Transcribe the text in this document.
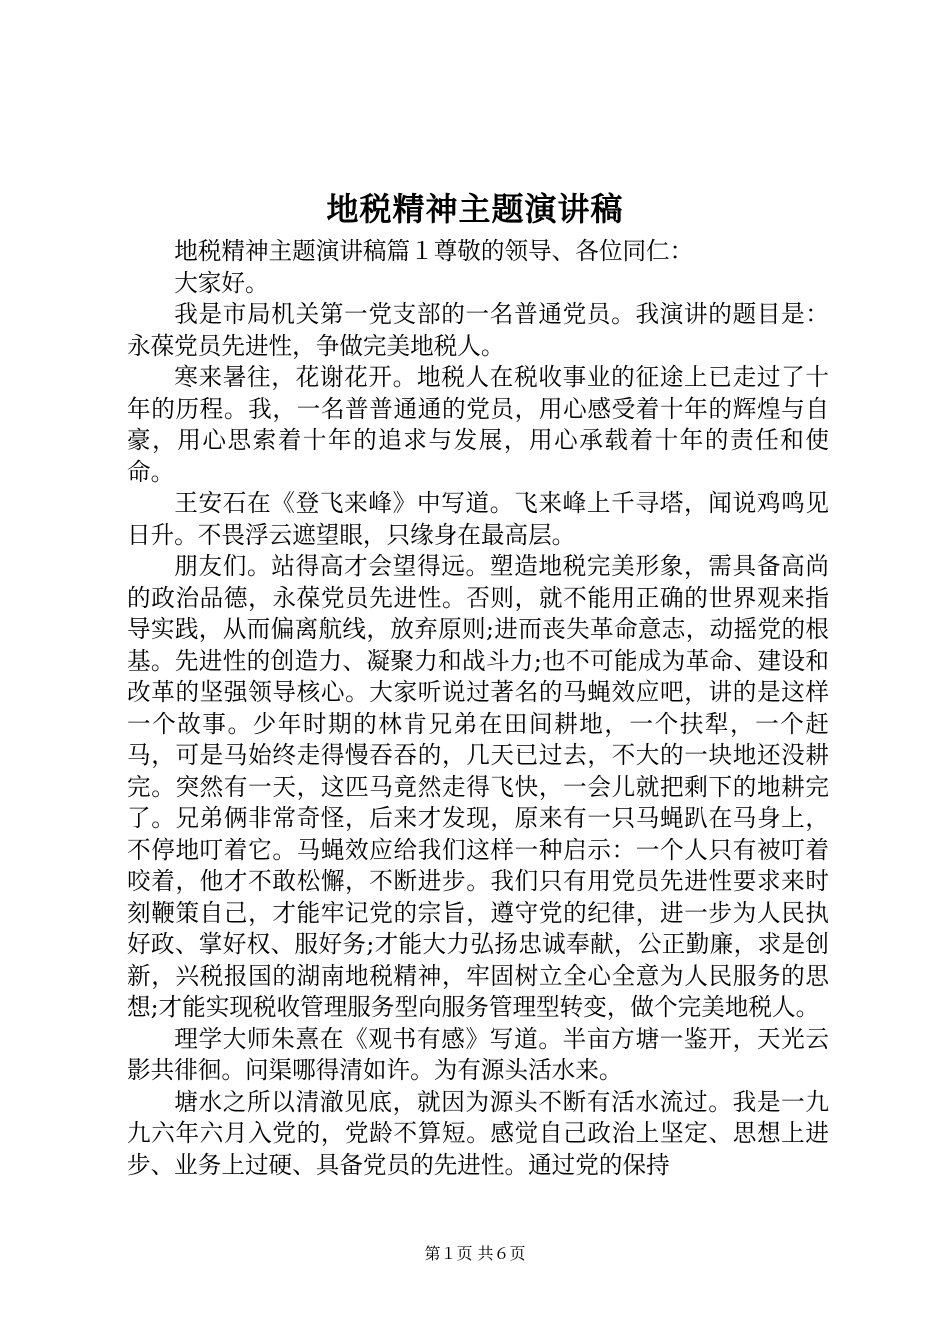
地税精神主题演讲稿

地税精神主题演讲稿篇１尊敬的领导、各位同仁：

大家好。

我是市局机关第一党支部的一名普通党员。我演讲的题目是：永葆党员先进性，争做完美地税人。

寒来暑往，花谢花开。地税人在税收事业的征途上已走过了十年的历程。我，一名普普通通的党员，用心感受着十年的辉煌与自豪，用心思索着十年的追求与发展，用心承载着十年的责任和使命。

王安石在《登飞来峰》中写道。飞来峰上千寻塔，闻说鸡鸣见日升。不畏浮云遮望眼，只缘身在最高层。

朋友们。站得高才会望得远。塑造地税完美形象，需具备高尚的政治品德，永葆党员先进性。否则，就不能用正确的世界观来指导实践，从而偏离航线，放弃原则;进而丧失革命意志，动摇党的根基。先进性的创造力、凝聚力和战斗力;也不可能成为革命、建设和改革的坚强领导核心。大家听说过著名的马蝇效应吧，讲的是这样一个故事。少年时期的林肯兄弟在田间耕地，一个扶犁，一个赶马，可是马始终走得慢吞吞的，几天已过去，不大的一块地还没耕完。突然有一天，这匹马竟然走得飞快，一会儿就把剩下的地耕完了。兄弟俩非常奇怪，后来才发现，原来有一只马蝇趴在马身上，不停地叮着它。马蝇效应给我们这样一种启示：一个人只有被叮着咬着，他才不敢松懈，不断进步。我们只有用党员先进性要求来时刻鞭策自己，才能牢记党的宗旨，遵守党的纪律，进一步为人民执好政、掌好权、服好务;才能大力弘扬忠诚奉献，公正勤廉，求是创新，兴税报国的湖南地税精神，牢固树立全心全意为人民服务的思想;才能实现税收管理服务型向服务管理型转变，做个完美地税人。

理学大师朱熹在《观书有感》写道。半亩方塘一鉴开，天光云影共徘徊。问渠哪得清如许。为有源头活水来。

塘水之所以清澈见底，就因为源头不断有活水流过。我是一九九六年六月入党的，党龄不算短。感觉自己政治上坚定、思想上进步、业务上过硬、具备党员的先进性。通过党的保持

第１页 共６页
